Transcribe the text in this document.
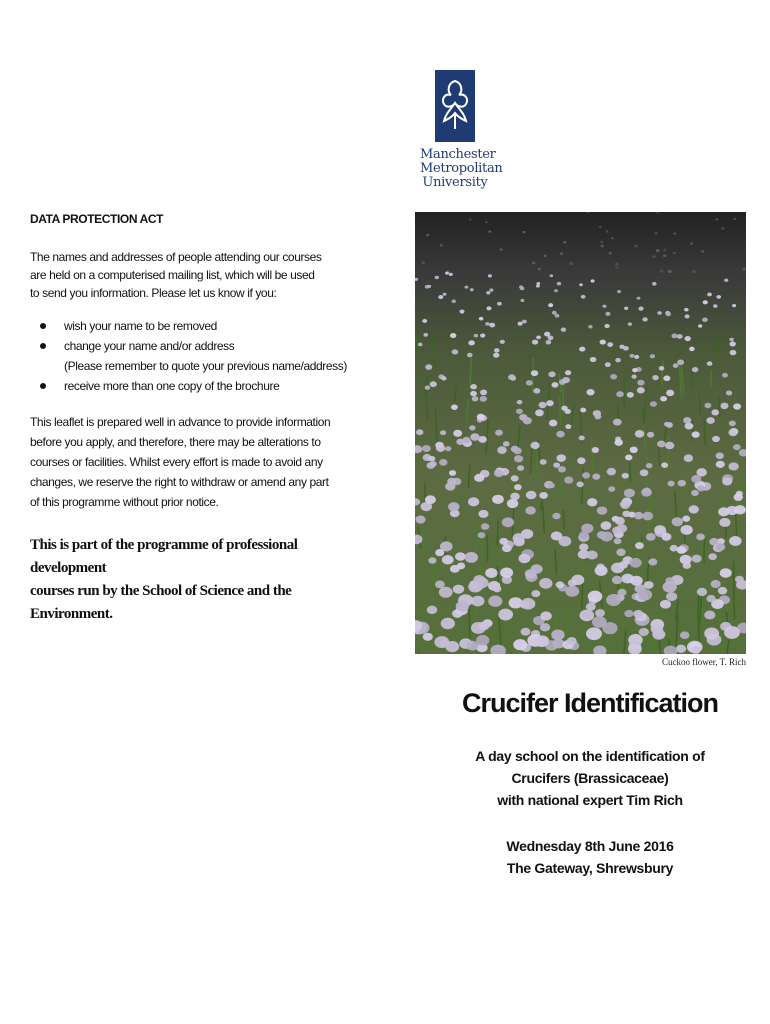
Manchester
Metropolitan
University
DATA PROTECTION ACT
The names and addresses of people attending our courses
are held on a computerised mailing list, which will be used
to send you information. Please let us know if you:
wish your name to be removed
change your name and/or address
(Please remember to quote your previous name/address)
receive more than one copy of the brochure
This leaflet is prepared well in advance to provide information
before you apply, and therefore, there may be alterations to
courses or facilities. Whilst every effort is made to avoid any
changes, we reserve the right to withdraw or amend any part
of this programme without prior notice.
This is part of the programme of professional development
courses run by the School of Science and the Environment.
Cuckoo flower, T. Rich
Crucifer Identification
A day school on the identification of
Crucifers (Brassicaceae)
with national expert Tim Rich
Wednesday 8th June 2016
The Gateway, Shrewsbury
